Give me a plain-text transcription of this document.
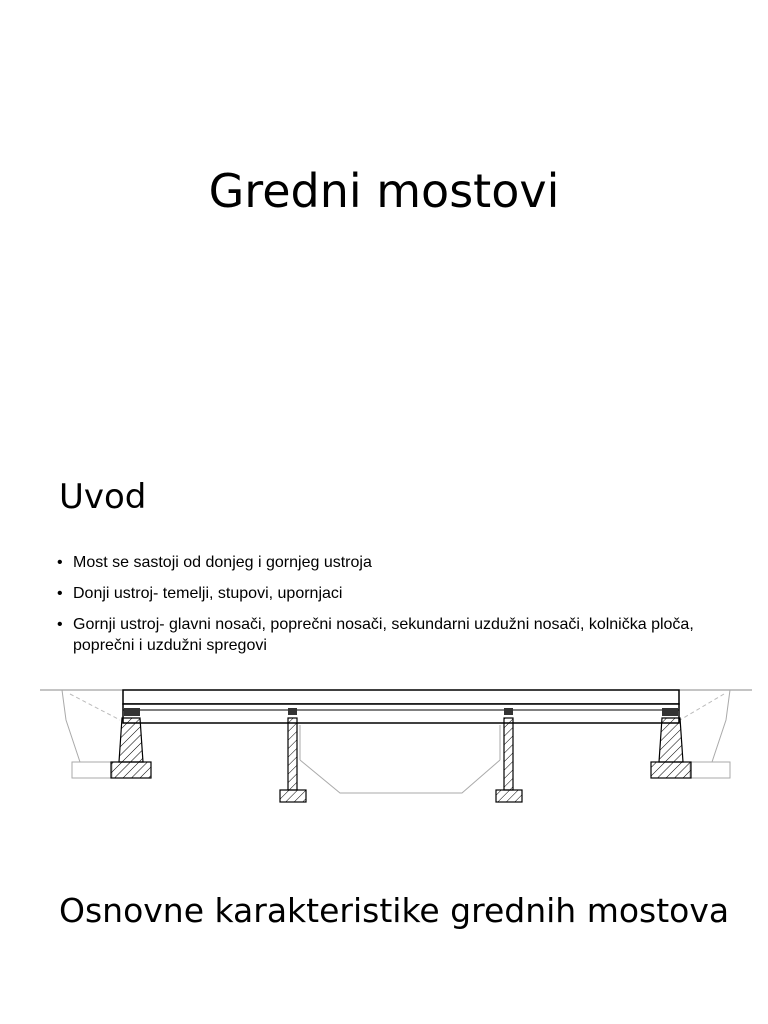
Gredni mostovi
Uvod
• Most se sastoji od donjeg i gornjeg ustroja
• Donji ustroj- temelji, stupovi, upornjaci
• Gornji ustroj- glavni nosači, poprečni nosači, sekundarni uzdužni nosači, kolnička ploča, poprečni i uzdužni spregovi
Osnovne karakteristike grednih mostova
